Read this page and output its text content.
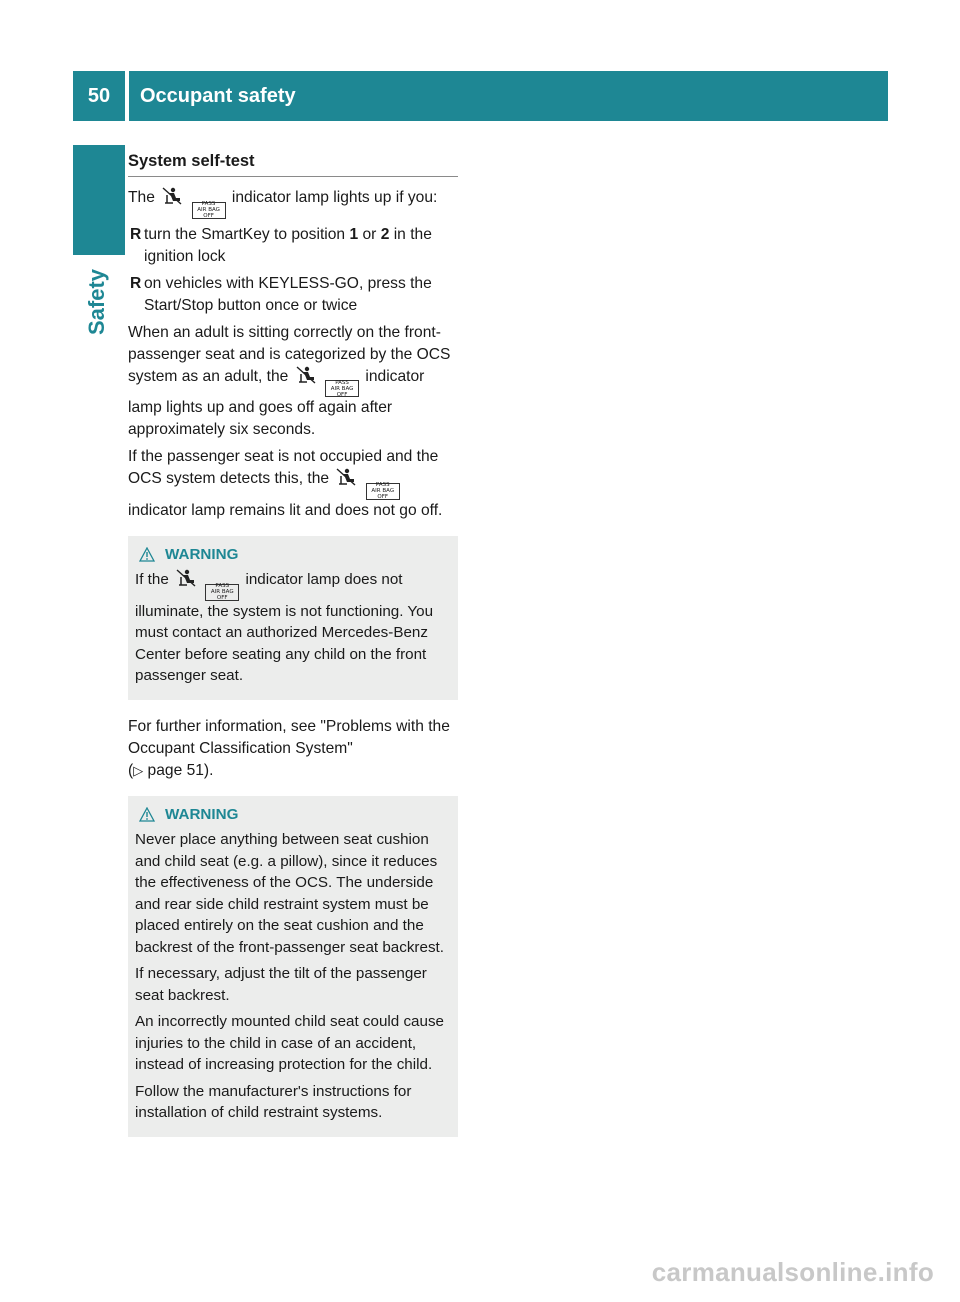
50	Occupant safety
Safety
System self-test

The	PASS
AIR BAG OFF
indicator lamp lights up if you:

R turn the SmartKey to position 1 or 2 in the ignition lock
R on vehicles with KEYLESS-GO, press the Start/Stop button once or twice

When an adult is sitting correctly on the front-passenger seat and is categorized by the OCS system as an adult, the	PASS
AIR BAG OFF
indicator lamp lights up and goes off again after approximately six seconds.

If the passenger seat is not occupied and the OCS system detects this, the	PASS
AIR BAG OFF
indicator lamp remains lit and does not go off.

WARNING

If the	PASS
AIR BAG OFF
indicator lamp does not illuminate, the system is not functioning. You must contact an authorized Mercedes-Benz Center before seating any child on the front passenger seat.

For further information, see "Problems with the Occupant Classification System"
(▷ page 51).

WARNING

Never place anything between seat cushion and child seat (e.g. a pillow), since it reduces the effectiveness of the OCS. The underside and rear side child restraint system must be placed entirely on the seat cushion and the backrest of the front-passenger seat backrest.

If necessary, adjust the tilt of the passenger seat backrest.

An incorrectly mounted child seat could cause injuries to the child in case of an accident, instead of increasing protection for the child.

Follow the manufacturer's instructions for installation of child restraint systems.

carmanualsonline.info
